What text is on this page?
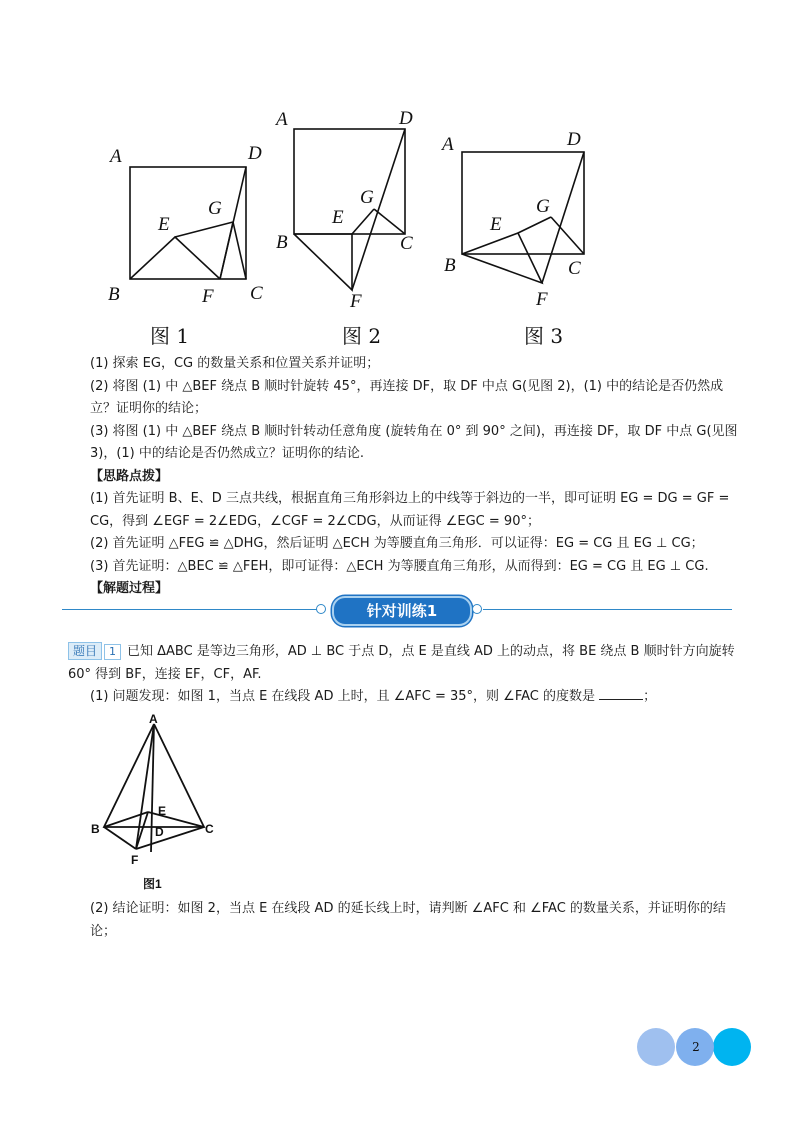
A	D
E
G
B	F C
图 1
A	D
G
E
B	C
F
图 2
A	D
G
E
B	C
F
图 3

(1) 探索 EG，CG 的数量关系和位置关系并证明；

(2) 将图 (1) 中 △BEF 绕点 B 顺时针旋转 45°，再连接 DF，取 DF 中点 G(见图 2)，(1) 中的结论是否仍然成立？证明你的结论；

(3) 将图 (1) 中 △BEF 绕点 B 顺时针转动任意角度 (旋转角在 0° 到 90° 之间)，再连接 DF，取 DF 中点 G(见图 3)，(1) 中的结论是否仍然成立？证明你的结论.

【思路点拨】

(1) 首先证明 B、E、D 三点共线，根据直角三角形斜边上的中线等于斜边的一半，即可证明 EG = DG = GF = CG，得到 ∠EGF = 2∠EDG，∠CGF = 2∠CDG，从而证得 ∠EGC = 90°；

(2) 首先证明 △FEG ≌ △DHG，然后证明 △ECH 为等腰直角三角形．可以证得：EG = CG 且 EG ⊥ CG；

(3) 首先证明：△BEC ≌ △FEH，即可证得：△ECH 为等腰直角三角形，从而得到：EG = CG 且 EG ⊥ CG.

【解题过程】

针对训练1

题目 1 已知 ΔABC 是等边三角形，AD ⊥ BC 于点 D，点 E 是直线 AD 上的动点，将 BE 绕点 B 顺时针方向旋转 60° 得到 BF，连接 EF，CF，AF.

(1) 问题发现：如图 1，当点 E 在线段 AD 上时，且 ∠AFC = 35°，则 ∠FAC 的度数是	；

A
E
B	D	C
F
图1

(2) 结论证明：如图 2，当点 E 在线段 AD 的延长线上时，请判断 ∠AFC 和 ∠FAC 的数量关系，并证明你的结论；

2
